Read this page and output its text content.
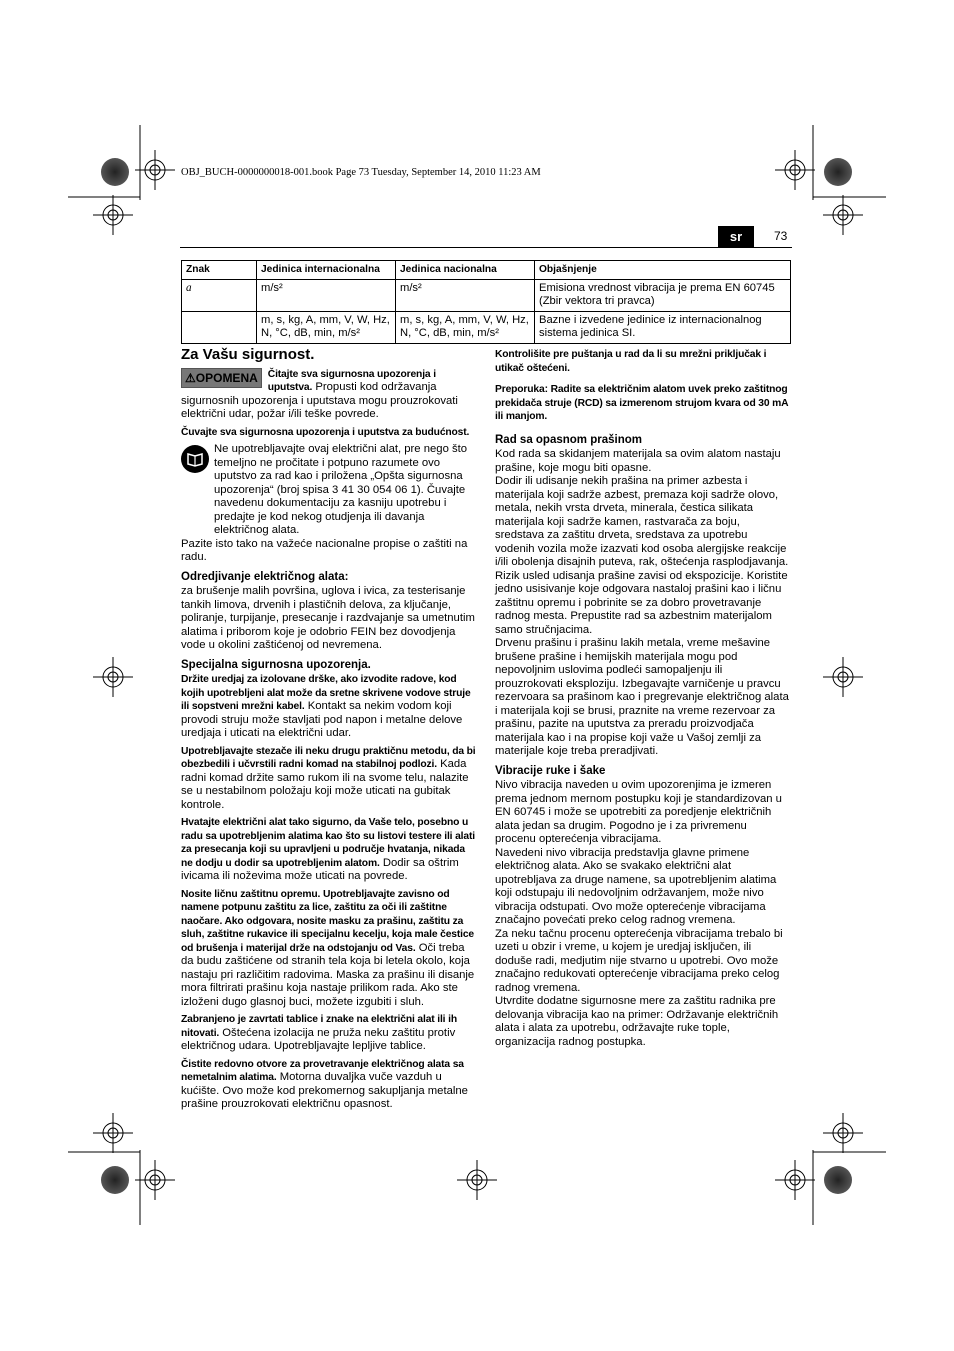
OBJ_BUCH-0000000018-001.book Page 73 Tuesday, September 14, 2010 11:23 AM
sr	73
Znak	Jedinica internacionalna	Jedinica nacionalna	Objašnjenje
a	m/s²	m/s²	Emisiona vrednost vibracija je prema EN 60745 (Zbir vektora tri pravca)
	m, s, kg, A, mm, V, W, Hz, N, °C, dB, min, m/s²	m, s, kg, A, mm, V, W, Hz, N, °C, dB, min, m/s²	Bazne i izvedene jedinice iz internacionalnog sistema jedinica SI.
Za Vašu sigurnost.

⚠OPOMENA Čitajte sva sigurnosna upozorenja i uputstva. Propusti kod održavanja sigurnosnih upozorenja i uputstava mogu prouzrokovati električni udar, požar i/ili teške povrede.

Čuvajte sva sigurnosna upozorenja i uputstva za budućnost.

Ne upotrebljavajte ovaj električni alat, pre nego što temeljno ne pročitate i potpuno razumete ovo uputstvo za rad kao i priložena „Opšta sigurnosna upozorenja“ (broj spisa 3 41 30 054 06 1). Čuvajte navedenu dokumentaciju za kasniju upotrebu i predajte je kod nekog otudjenja ili davanja električnog alata.

Pazite isto tako na važeće nacionalne propise o zaštiti na radu.

Odredjivanje električnog alata:

za brušenje malih površina, uglova i ivica, za testerisanje tankih limova, drvenih i plastičnih delova, za ključanje, poliranje, turpijanje, presecanje i razdvajanje sa umetnutim alatima i priborom koje je odobrio FEIN bez dovodjenja vode u okolini zaštićenoj od nevremena.

Specijalna sigurnosna upozorenja.

Držite uredjaj za izolovane drške, ako izvodite radove, kod kojih upotrebljeni alat može da sretne skrivene vodove struje ili sopstveni mrežni kabel. Kontakt sa nekim vodom koji provodi struju može stavljati pod napon i metalne delove uredjaja i uticati na električni udar.

Upotrebljavajte stezače ili neku drugu praktičnu metodu, da bi obezbedili i učvrstili radni komad na stabilnoj podlozi. Kada radni komad držite samo rukom ili na svome telu, nalazite se u nestabilnom položaju koji može uticati na gubitak kontrole.

Hvatajte električni alat tako sigurno, da Vaše telo, posebno u radu sa upotrebljenim alatima kao što su listovi testere ili alati za presecanja koji su upravljeni u područje hvatanja, nikada ne dodju u dodir sa upotrebljenim alatom. Dodir sa oštrim ivicama ili noževima može uticati na povrede.

Nosite ličnu zaštitnu opremu. Upotrebljavajte zavisno od namene potpunu zaštitu za lice, zaštitu za oči ili zaštitne naočare. Ako odgovara, nosite masku za prašinu, zaštitu za sluh, zaštitne rukavice ili specijalnu kecelju, koja male čestice od brušenja i materijal drže na odstojanju od Vas. Oči treba da budu zaštićene od stranih tela koja bi letela okolo, koja nastaju pri različitim radovima. Maska za prašinu ili disanje mora filtrirati prašinu koja nastaje prilikom rada. Ako ste izloženi dugo glasnoj buci, možete izgubiti i sluh.

Zabranjeno je zavrtati tablice i znake na električni alat ili ih nitovati. Oštećena izolacija ne pruža neku zaštitu protiv električnog udara. Upotrebljavajte lepljive tablice.

Čistite redovno otvore za provetravanje električnog alata sa nemetalnim alatima. Motorna duvaljka vuče vazduh u kućište. Ovo može kod prekomernog sakupljanja metalne prašine prouzrokovati električnu opasnost.

Kontrolišite pre puštanja u rad da li su mrežni priključak i utikač oštećeni.

Preporuka: Radite sa električnim alatom uvek preko zaštitnog prekidača struje (RCD) sa izmerenom strujom kvara od 30 mA ili manjom.

Rad sa opasnom prašinom

Kod rada sa skidanjem materijala sa ovim alatom nastaju prašine, koje mogu biti opasne.

Dodir ili udisanje nekih prašina na primer azbesta i materijala koji sadrže azbest, premaza koji sadrže olovo, metala, nekih vrsta drveta, minerala, čestica silikata materijala koji sadrže kamen, rastvarača za boju, sredstava za zaštitu drveta, sredstava za upotrebu vodenih vozila može izazvati kod osoba alergijske reakcije i/ili obolenja disajnih puteva, rak, oštećenja rasplodjavanja. Rizik usled udisanja prašine zavisi od ekspozicije. Koristite jedno usisivanje koje odgovara nastaloj prašini kao i ličnu zaštitnu opremu i pobrinite se za dobro provetravanje radnog mesta. Prepustite rad sa azbestnim materijalom samo stručnjacima.

Drvenu prašinu i prašinu lakih metala, vreme mešavine brušene prašine i hemijskih materijala mogu pod nepovoljnim uslovima podleći samopaljenju ili prouzrokovati eksploziju. Izbegavajte varničenje u pravcu rezervoara sa prašinom kao i pregrevanje električnog alata i materijala koji se brusi, praznite na vreme rezervoar za prašinu, pazite na uputstva za preradu proizvodjača materijala kao i na propise koji važe u Vašoj zemlji za materijale koje treba preradjivati.

Vibracije ruke i šake

Nivo vibracija naveden u ovim upozorenjima je izmeren prema jednom mernom postupku koji je standardizovan u EN 60745 i može se upotrebiti za poredjenje električnih alata jedan sa drugim. Pogodno je i za privremenu procenu opterećenja vibracijama.

Navedeni nivo vibracija predstavlja glavne primene električnog alata. Ako se svakako električni alat upotrebljava za druge namene, sa upotrebljenim alatima koji odstupaju ili nedovoljnim održavanjem, može nivo vibracija odstupati. Ovo može opterećenje vibracijama značajno povećati preko celog radnog vremena.

Za neku tačnu procenu opterećenja vibracijama trebalo bi uzeti u obzir i vreme, u kojem je uredjaj isključen, ili doduše radi, medjutim nije stvarno u upotrebi. Ovo može značajno redukovati opterećenje vibracijama preko celog radnog vremena.

Utvrdite dodatne sigurnosne mere za zaštitu radnika pre delovanja vibracija kao na primer: Održavanje električnih alata i alata za upotrebu, održavajte ruke tople, organizacija radnog postupka.
